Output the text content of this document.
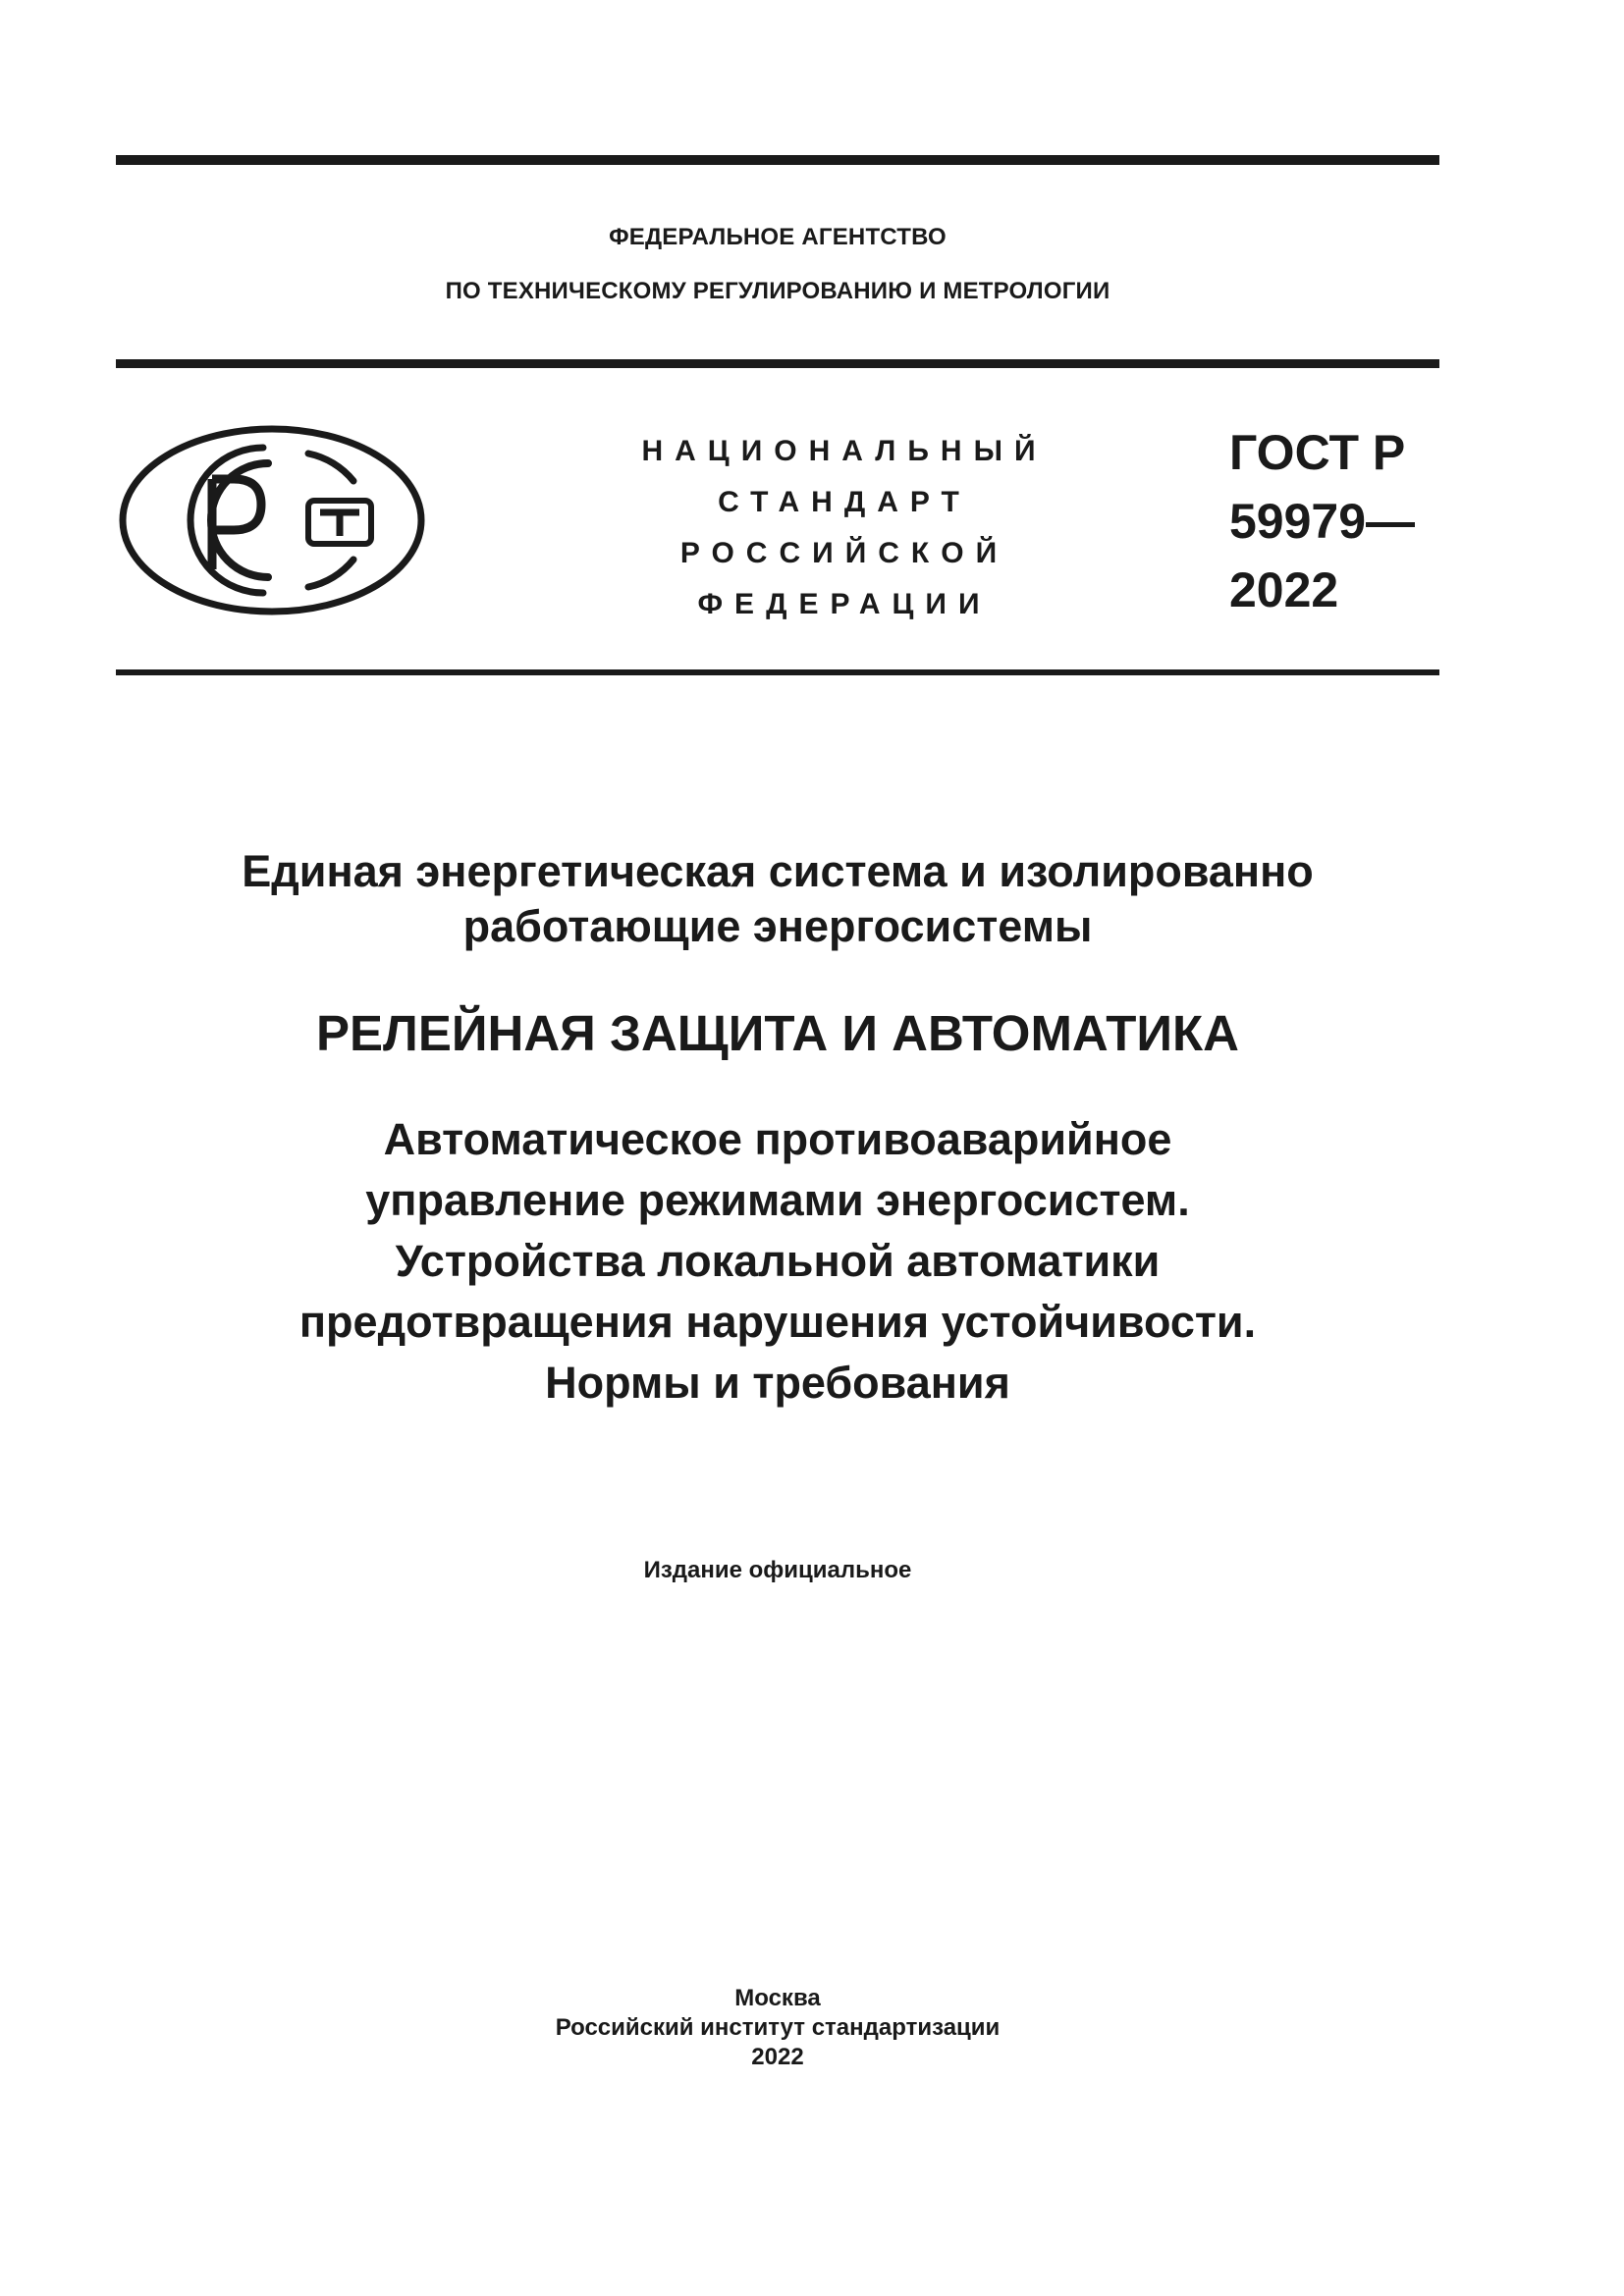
ФЕДЕРАЛЬНОЕ АГЕНТСТВО
ПО ТЕХНИЧЕСКОМУ РЕГУЛИРОВАНИЮ И МЕТРОЛОГИИ
НАЦИОНАЛЬНЫЙ
СТАНДАРТ
РОССИЙСКОЙ
ФЕДЕРАЦИИ
ГОСТ Р
59979—
2022
Единая энергетическая система и изолированно
работающие энергосистемы
РЕЛЕЙНАЯ ЗАЩИТА И АВТОМАТИКА
Автоматическое противоаварийное
управление режимами энергосистем.
Устройства локальной автоматики
предотвращения нарушения устойчивости.
Нормы и требования
Издание официальное
Москва
Российский институт стандартизации
2022
